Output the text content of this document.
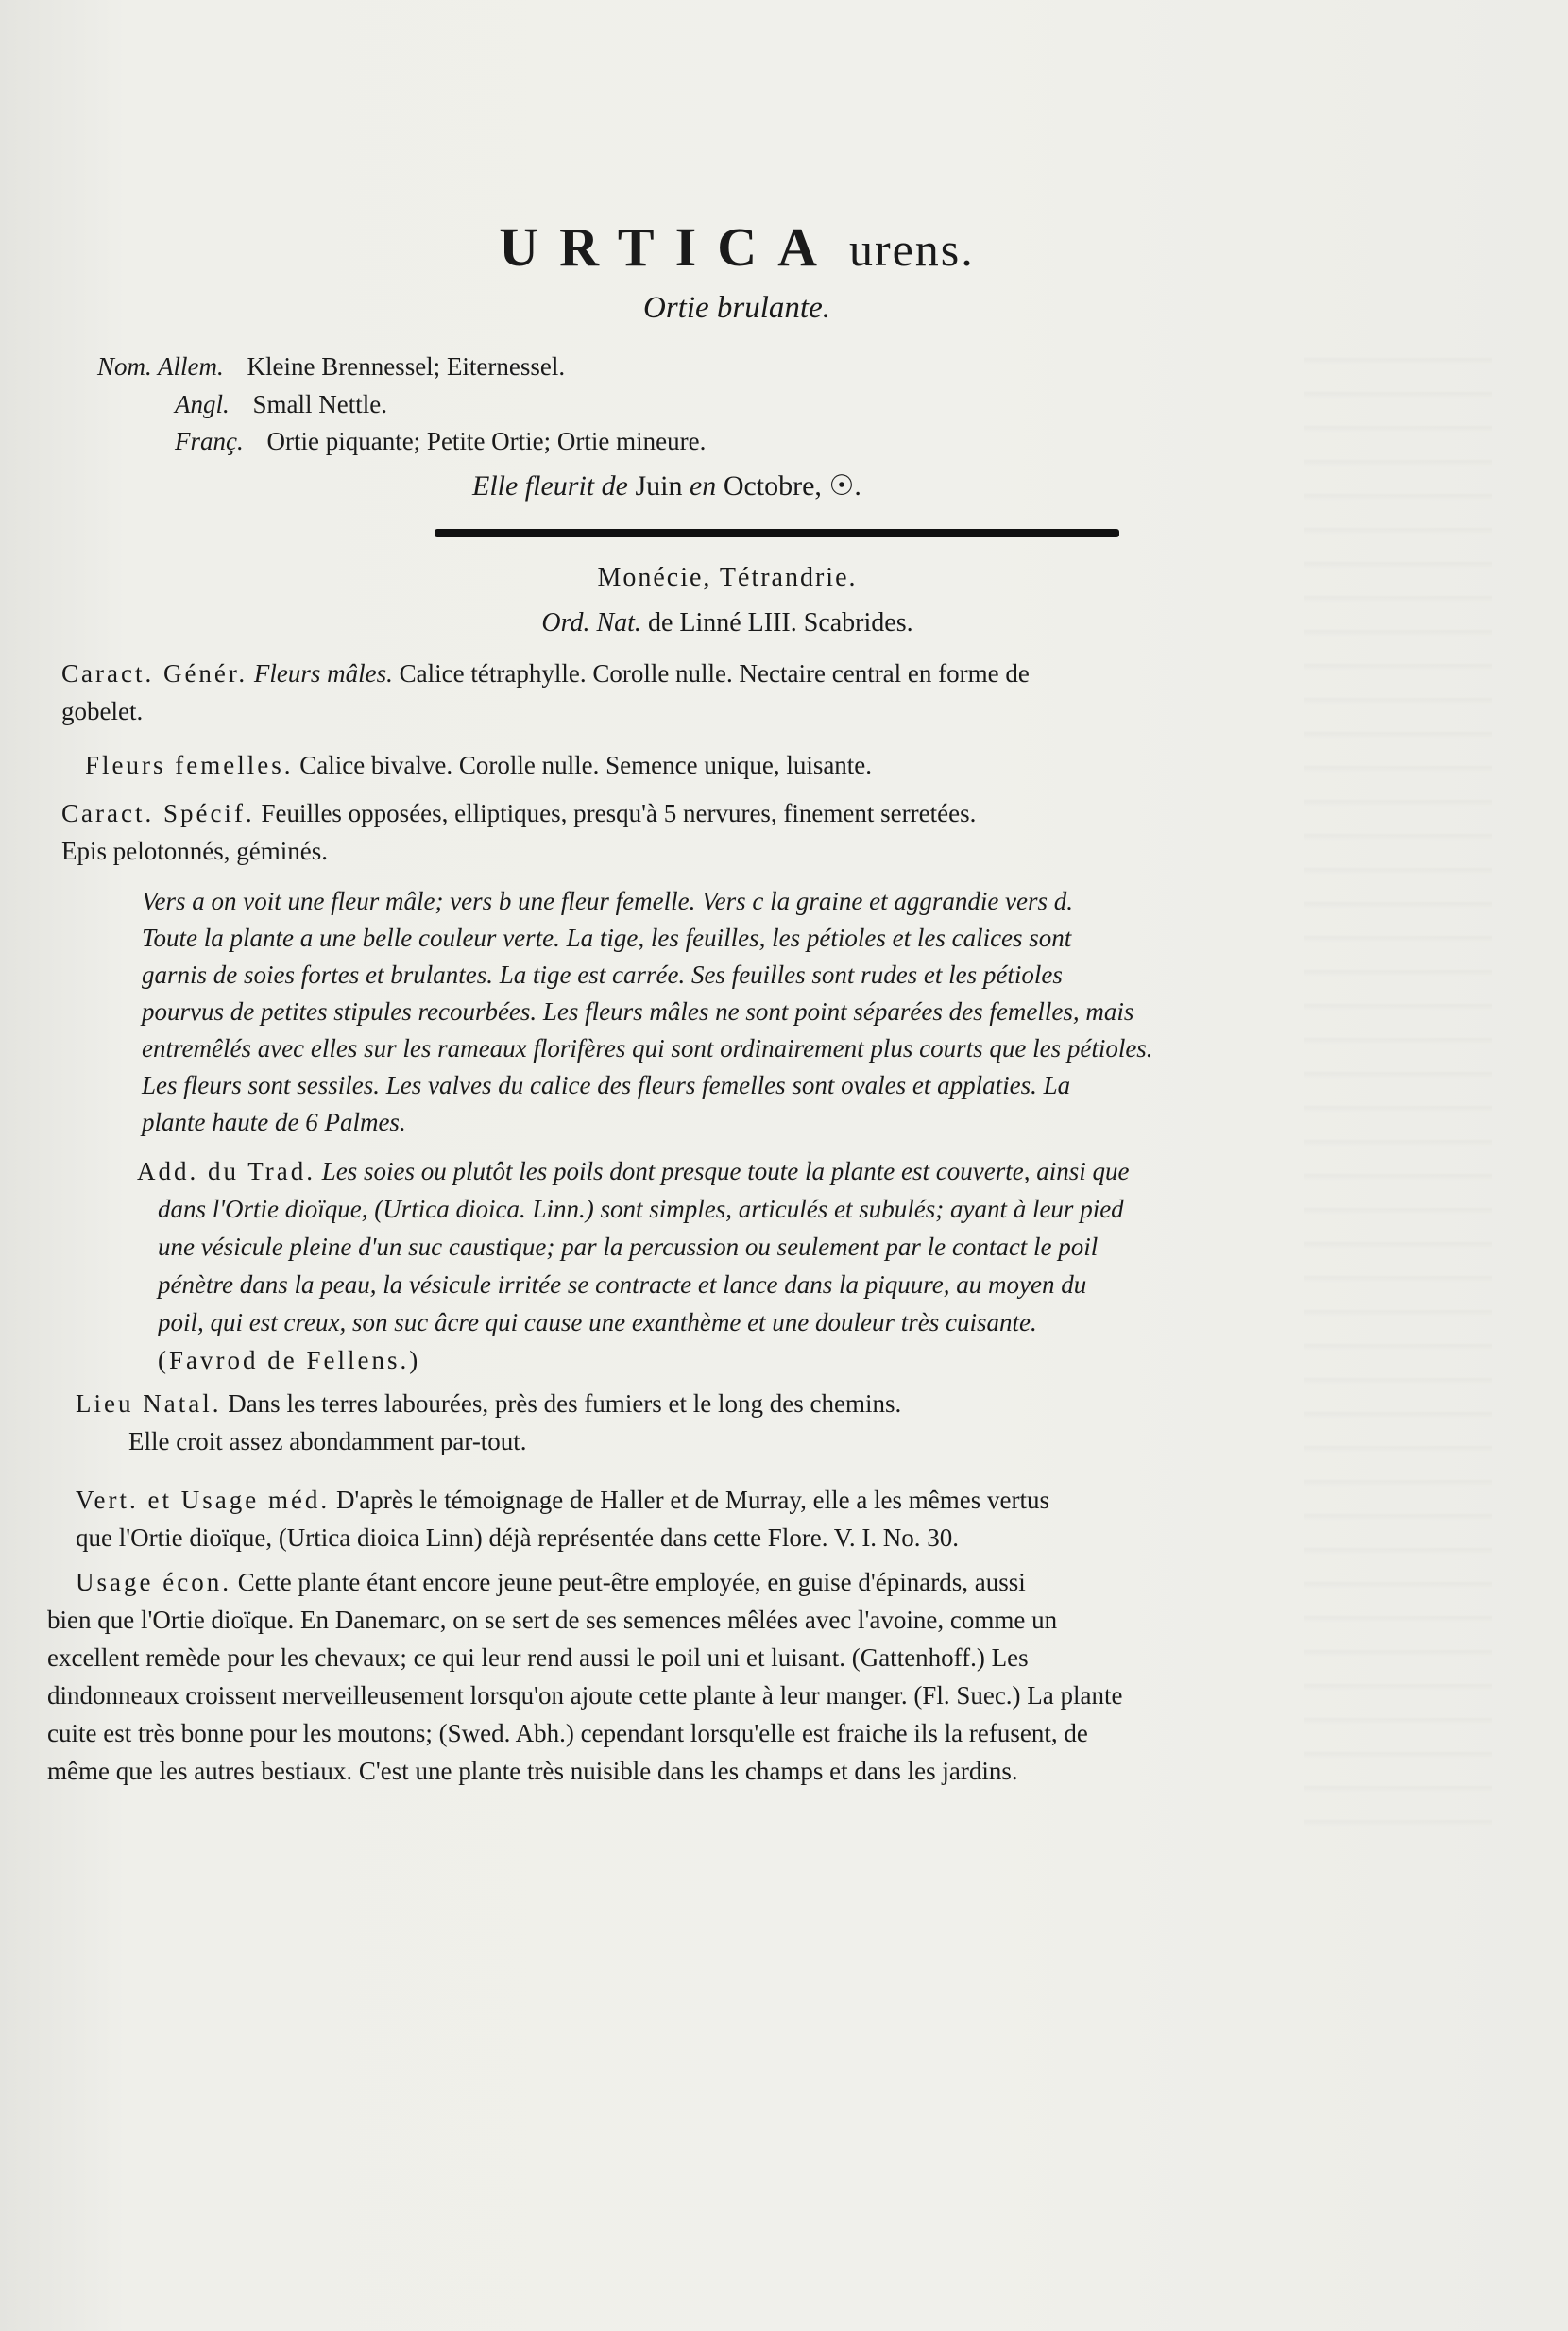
URTICA urens.
Ortie brulante.
Nom. Allem. Kleine Brennessel; Eiternessel.
Angl. Small Nettle.
Franç. Ortie piquante; Petite Ortie; Ortie mineure.
Elle fleurit de Juin en Octobre, ☉.
Monécie, Tétrandrie.
Ord. Nat. de Linné LIII. Scabrides.
Caract. Génér. Fleurs mâles. Calice tétraphylle. Corolle nulle. Nectaire central en forme de
gobelet.
Fleurs femelles. Calice bivalve. Corolle nulle. Semence unique, luisante.
Caract. Spécif. Feuilles opposées, elliptiques, presqu'à 5 nervures, finement serretées.
Epis pelotonnés, géminés.
Vers a on voit une fleur mâle; vers b une fleur femelle. Vers c la graine et aggrandie vers d.
Toute la plante a une belle couleur verte. La tige, les feuilles, les pétioles et les calices sont
garnis de soies fortes et brulantes. La tige est carrée. Ses feuilles sont rudes et les pétioles
pourvus de petites stipules recourbées. Les fleurs mâles ne sont point séparées des femelles, mais
entremêlés avec elles sur les rameaux florifères qui sont ordinairement plus courts que les pétioles.
Les fleurs sont sessiles. Les valves du calice des fleurs femelles sont ovales et applaties. La
plante haute de 6 Palmes.
Add. du Trad. Les soies ou plutôt les poils dont presque toute la plante est couverte, ainsi que
dans l'Ortie dioïque, (Urtica dioica. Linn.) sont simples, articulés et subulés; ayant à leur pied
une vésicule pleine d'un suc caustique; par la percussion ou seulement par le contact le poil
pénètre dans la peau, la vésicule irritée se contracte et lance dans la piquure, au moyen du
poil, qui est creux, son suc âcre qui cause une exanthème et une douleur très cuisante.
(Favrod de Fellens.)
Lieu Natal. Dans les terres labourées, près des fumiers et le long des chemins.
Elle croit assez abondamment par-tout.
Vert. et Usage méd. D'après le témoignage de Haller et de Murray, elle a les mêmes vertus
que l'Ortie dioïque, (Urtica dioica Linn) déjà représentée dans cette Flore. V. I. No. 30.
Usage écon. Cette plante étant encore jeune peut-être employée, en guise d'épinards, aussi
bien que l'Ortie dioïque. En Danemarc, on se sert de ses semences mêlées avec l'avoine, comme un
excellent remède pour les chevaux; ce qui leur rend aussi le poil uni et luisant. (Gattenhoff.) Les
dindonneaux croissent merveilleusement lorsqu'on ajoute cette plante à leur manger. (Fl. Suec.) La plante
cuite est très bonne pour les moutons; (Swed. Abh.) cependant lorsqu'elle est fraiche ils la refusent, de
même que les autres bestiaux. C'est une plante très nuisible dans les champs et dans les jardins.
